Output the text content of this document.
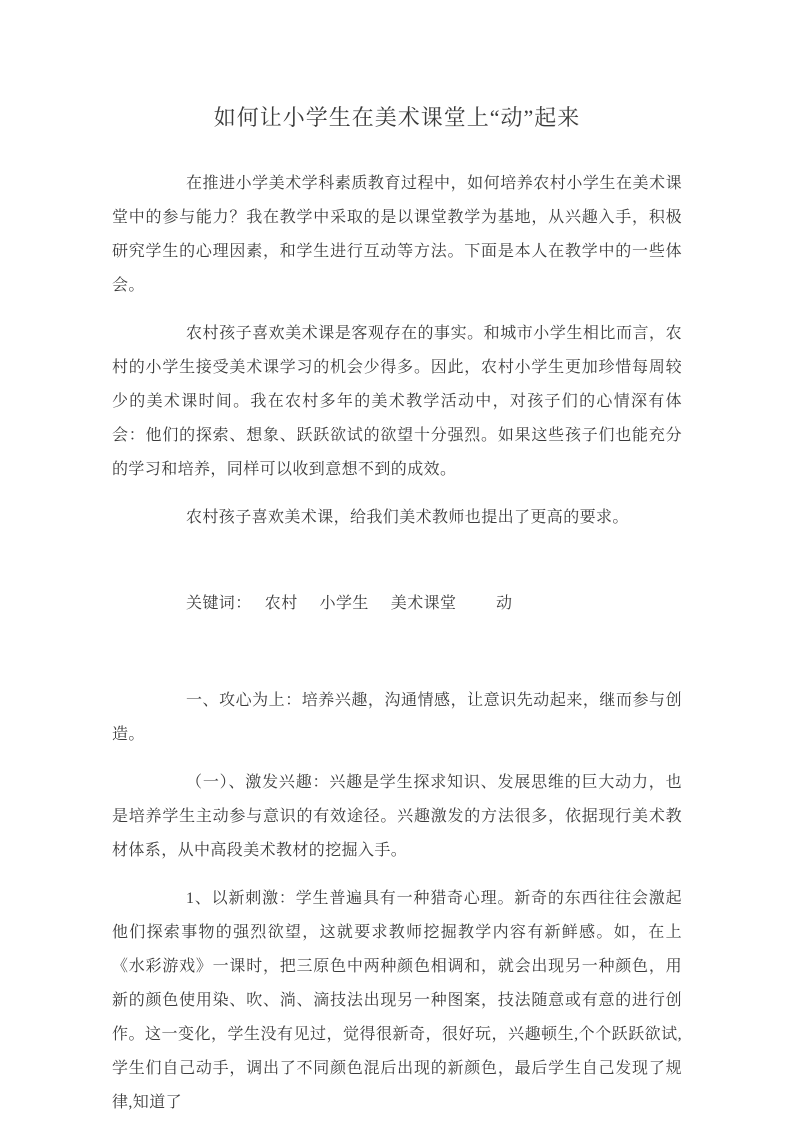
如何让小学生在美术课堂上“动”起来

在推进小学美术学科素质教育过程中，如何培养农村小学生在美术课堂中的参与能力？我在教学中采取的是以课堂教学为基地，从兴趣入手，积极研究学生的心理因素，和学生进行互动等方法。下面是本人在教学中的一些体会。

农村孩子喜欢美术课是客观存在的事实。和城市小学生相比而言，农村的小学生接受美术课学习的机会少得多。因此，农村小学生更加珍惜每周较少的美术课时间。我在农村多年的美术教学活动中，对孩子们的心情深有体会：他们的探索、想象、跃跃欲试的欲望十分强烈。如果这些孩子们也能充分的学习和培养，同样可以收到意想不到的成效。

农村孩子喜欢美术课，给我们美术教师也提出了更高的要求。

关键词：   农村     小学生     美术课堂         动

一、攻心为上：培养兴趣，沟通情感，让意识先动起来，继而参与创造。

（一）、激发兴趣：兴趣是学生探求知识、发展思维的巨大动力，也是培养学生主动参与意识的有效途径。兴趣激发的方法很多，依据现行美术教材体系，从中高段美术教材的挖掘入手。

1、以新刺激：学生普遍具有一种猎奇心理。新奇的东西往往会激起他们探索事物的强烈欲望，这就要求教师挖掘教学内容有新鲜感。如，在上《水彩游戏》一课时，把三原色中两种颜色相调和，就会出现另一种颜色，用新的颜色使用染、吹、淌、滴技法出现另一种图案，技法随意或有意的进行创作。这一变化，学生没有见过，觉得很新奇，很好玩，兴趣顿生,个个跃跃欲试,学生们自己动手，调出了不同颜色混后出现的新颜色，最后学生自己发现了规律,知道了
